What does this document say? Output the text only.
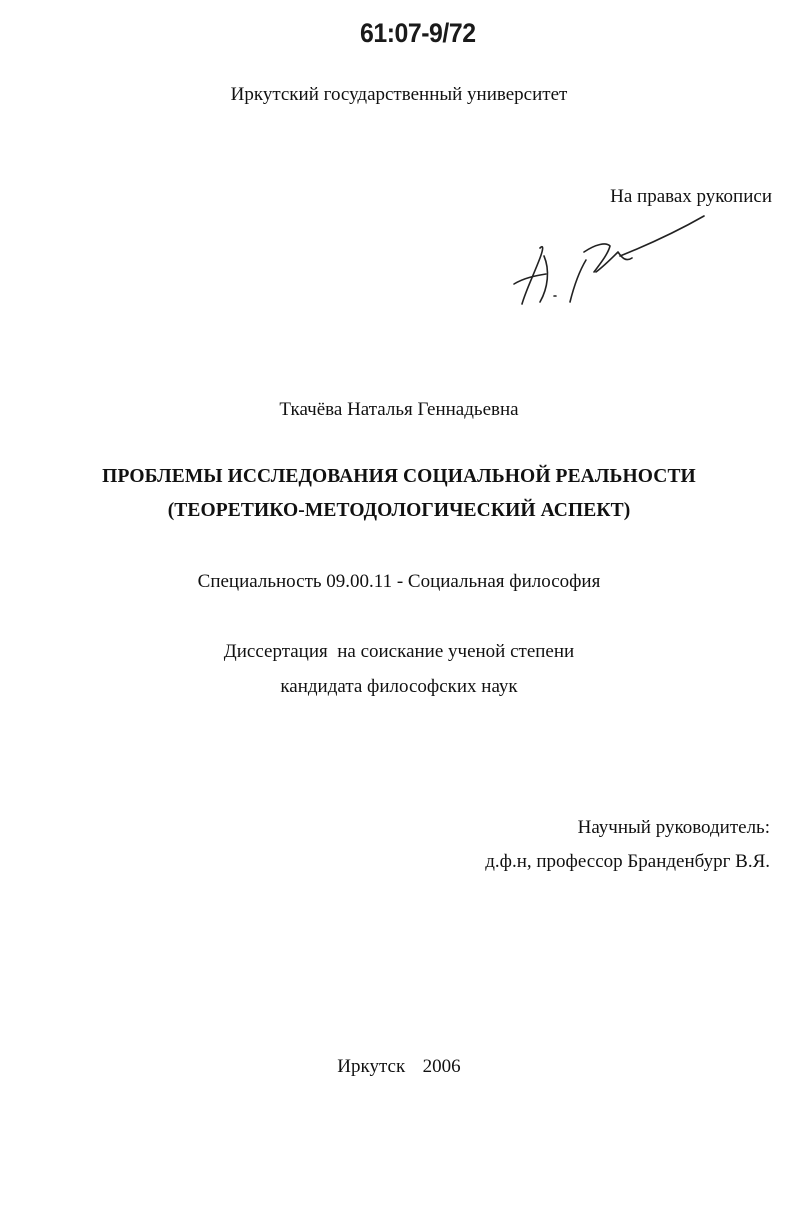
61:07-9/72
Иркутский государственный университет
На правах рукописи
Ткачёва Наталья Геннадьевна
ПРОБЛЕМЫ ИССЛЕДОВАНИЯ СОЦИАЛЬНОЙ РЕАЛЬНОСТИ
(ТЕОРЕТИКО-МЕТОДОЛОГИЧЕСКИЙ АСПЕКТ)
Специальность 09.00.11 - Социальная философия
Диссертация  на соискание ученой степени
кандидата философских наук
Научный руководитель:
д.ф.н, профессор Бранденбург В.Я.
Иркутск  2006
